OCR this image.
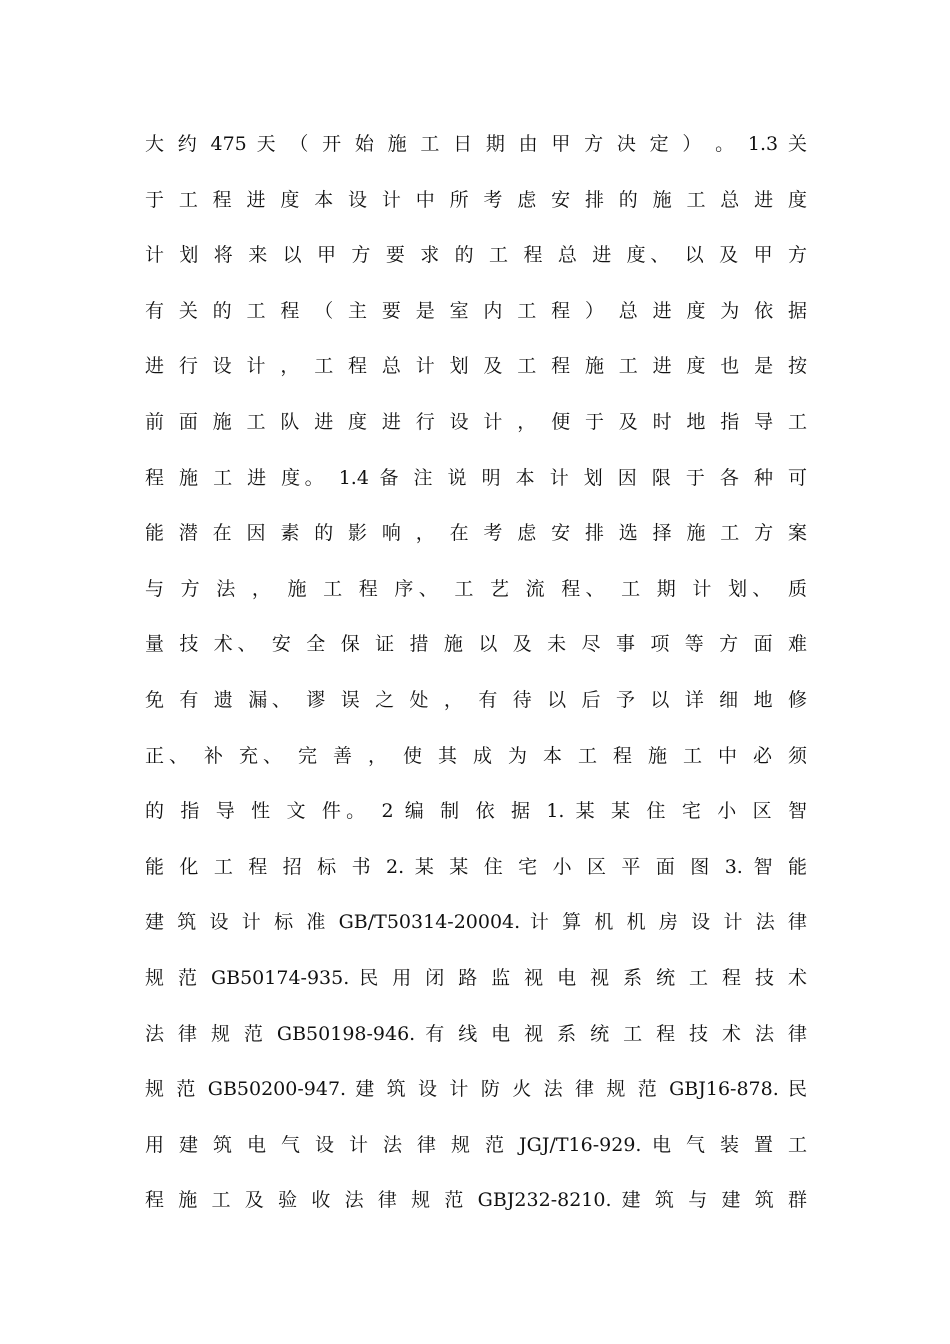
大 约 475 天 （ 开 始 施 工 日 期 由 甲 方 决 定 ） 。 1.3 关
于 工 程 进 度 本 设 计 中 所 考 虑 安 排 的 施 工 总 进 度
计 划 将 来 以 甲 方 要 求 的 工 程 总 进 度、 以 及 甲 方
有 关 的 工 程 （ 主 要 是 室 内 工 程 ） 总 进 度 为 依 据
进 行 设 计 ， 工 程 总 计 划 及 工 程 施 工 进 度 也 是 按
前 面 施 工 队 进 度 进 行 设 计 ， 便 于 及 时 地 指 导 工
程 施 工 进 度。 1.4 备 注 说 明 本 计 划 因 限 于 各 种 可
能 潜 在 因 素 的 影 响 ， 在 考 虑 安 排 选 择 施 工 方 案
与 方 法 ， 施 工 程 序、 工 艺 流 程、 工 期 计 划、 质
量 技 术、 安 全 保 证 措 施 以 及 未 尽 事 项 等 方 面 难
免 有 遗 漏、 谬 误 之 处 ， 有 待 以 后 予 以 详 细 地 修
正、 补 充、 完 善 ， 使 其 成 为 本 工 程 施 工 中 必 须
的 指 导 性 文 件。 2 编 制 依 据 1. 某 某 住 宅 小 区 智
能 化 工 程 招 标 书 2. 某 某 住 宅 小 区 平 面 图 3. 智 能
建 筑 设 计 标 准 GB/T50314-20004. 计 算 机 机 房 设 计 法 律
规 范 GB50174-935. 民 用 闭 路 监 视 电 视 系 统 工 程 技 术
法 律 规 范 GB50198-946. 有 线 电 视 系 统 工 程 技 术 法 律
规 范 GB50200-947. 建 筑 设 计 防 火 法 律 规 范 GBJ16-878. 民
用 建 筑 电 气 设 计 法 律 规 范 JGJ/T16-929. 电 气 装 置 工
程 施 工 及 验 收 法 律 规 范 GBJ232-8210. 建 筑 与 建 筑 群
